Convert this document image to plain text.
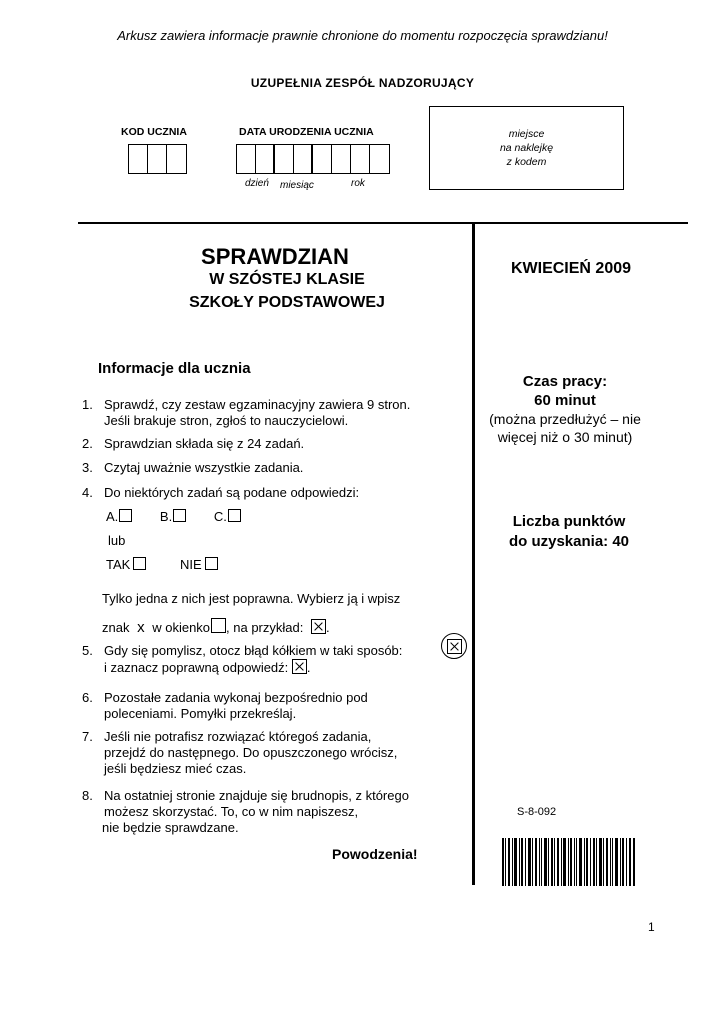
Arkusz zawiera informacje prawnie chronione do momentu rozpoczęcia sprawdzianu!
UZUPEŁNIA ZESPÓŁ NADZORUJĄCY
KOD UCZNIA	DATA URODZENIA UCZNIA
dzień miesiąc	rok
miejsce
na naklejkę
z kodem
SPRAWDZIAN
W SZÓSTEJ KLASIE
SZKOŁY PODSTAWOWEJ
KWIECIEŃ 2009
Informacje dla ucznia
Czas pracy:
60 minut
(można przedłużyć – nie
więcej niż o 30 minut)
Liczba punktów
do uzyskania: 40
1. Sprawdź, czy zestaw egzaminacyjny zawiera 9 stron.
Jeśli brakuje stron, zgłoś to nauczycielowi.
2. Sprawdzian składa się z 24 zadań.
3. Czytaj uważnie wszystkie zadania.
4. Do niektórych zadań są podane odpowiedzi:
A.	B.	C.
lub
TAK	NIE
Tylko jedna z nich jest poprawna. Wybierz ją i wpisz
znak x w okienko , na przykład: .
5. Gdy się pomylisz, otocz błąd kółkiem w taki sposób:
i zaznacz poprawną odpowiedź: .
6. Pozostałe zadania wykonaj bezpośrednio pod
poleceniami. Pomyłki przekreślaj.
7. Jeśli nie potrafisz rozwiązać któregoś zadania,
przejdź do następnego. Do opuszczonego wrócisz,
jeśli będziesz mieć czas.
8. Na ostatniej stronie znajduje się brudnopis, z którego
możesz skorzystać. To, co w nim napiszesz,
nie będzie sprawdzane.
Powodzenia!
S-8-092
1
